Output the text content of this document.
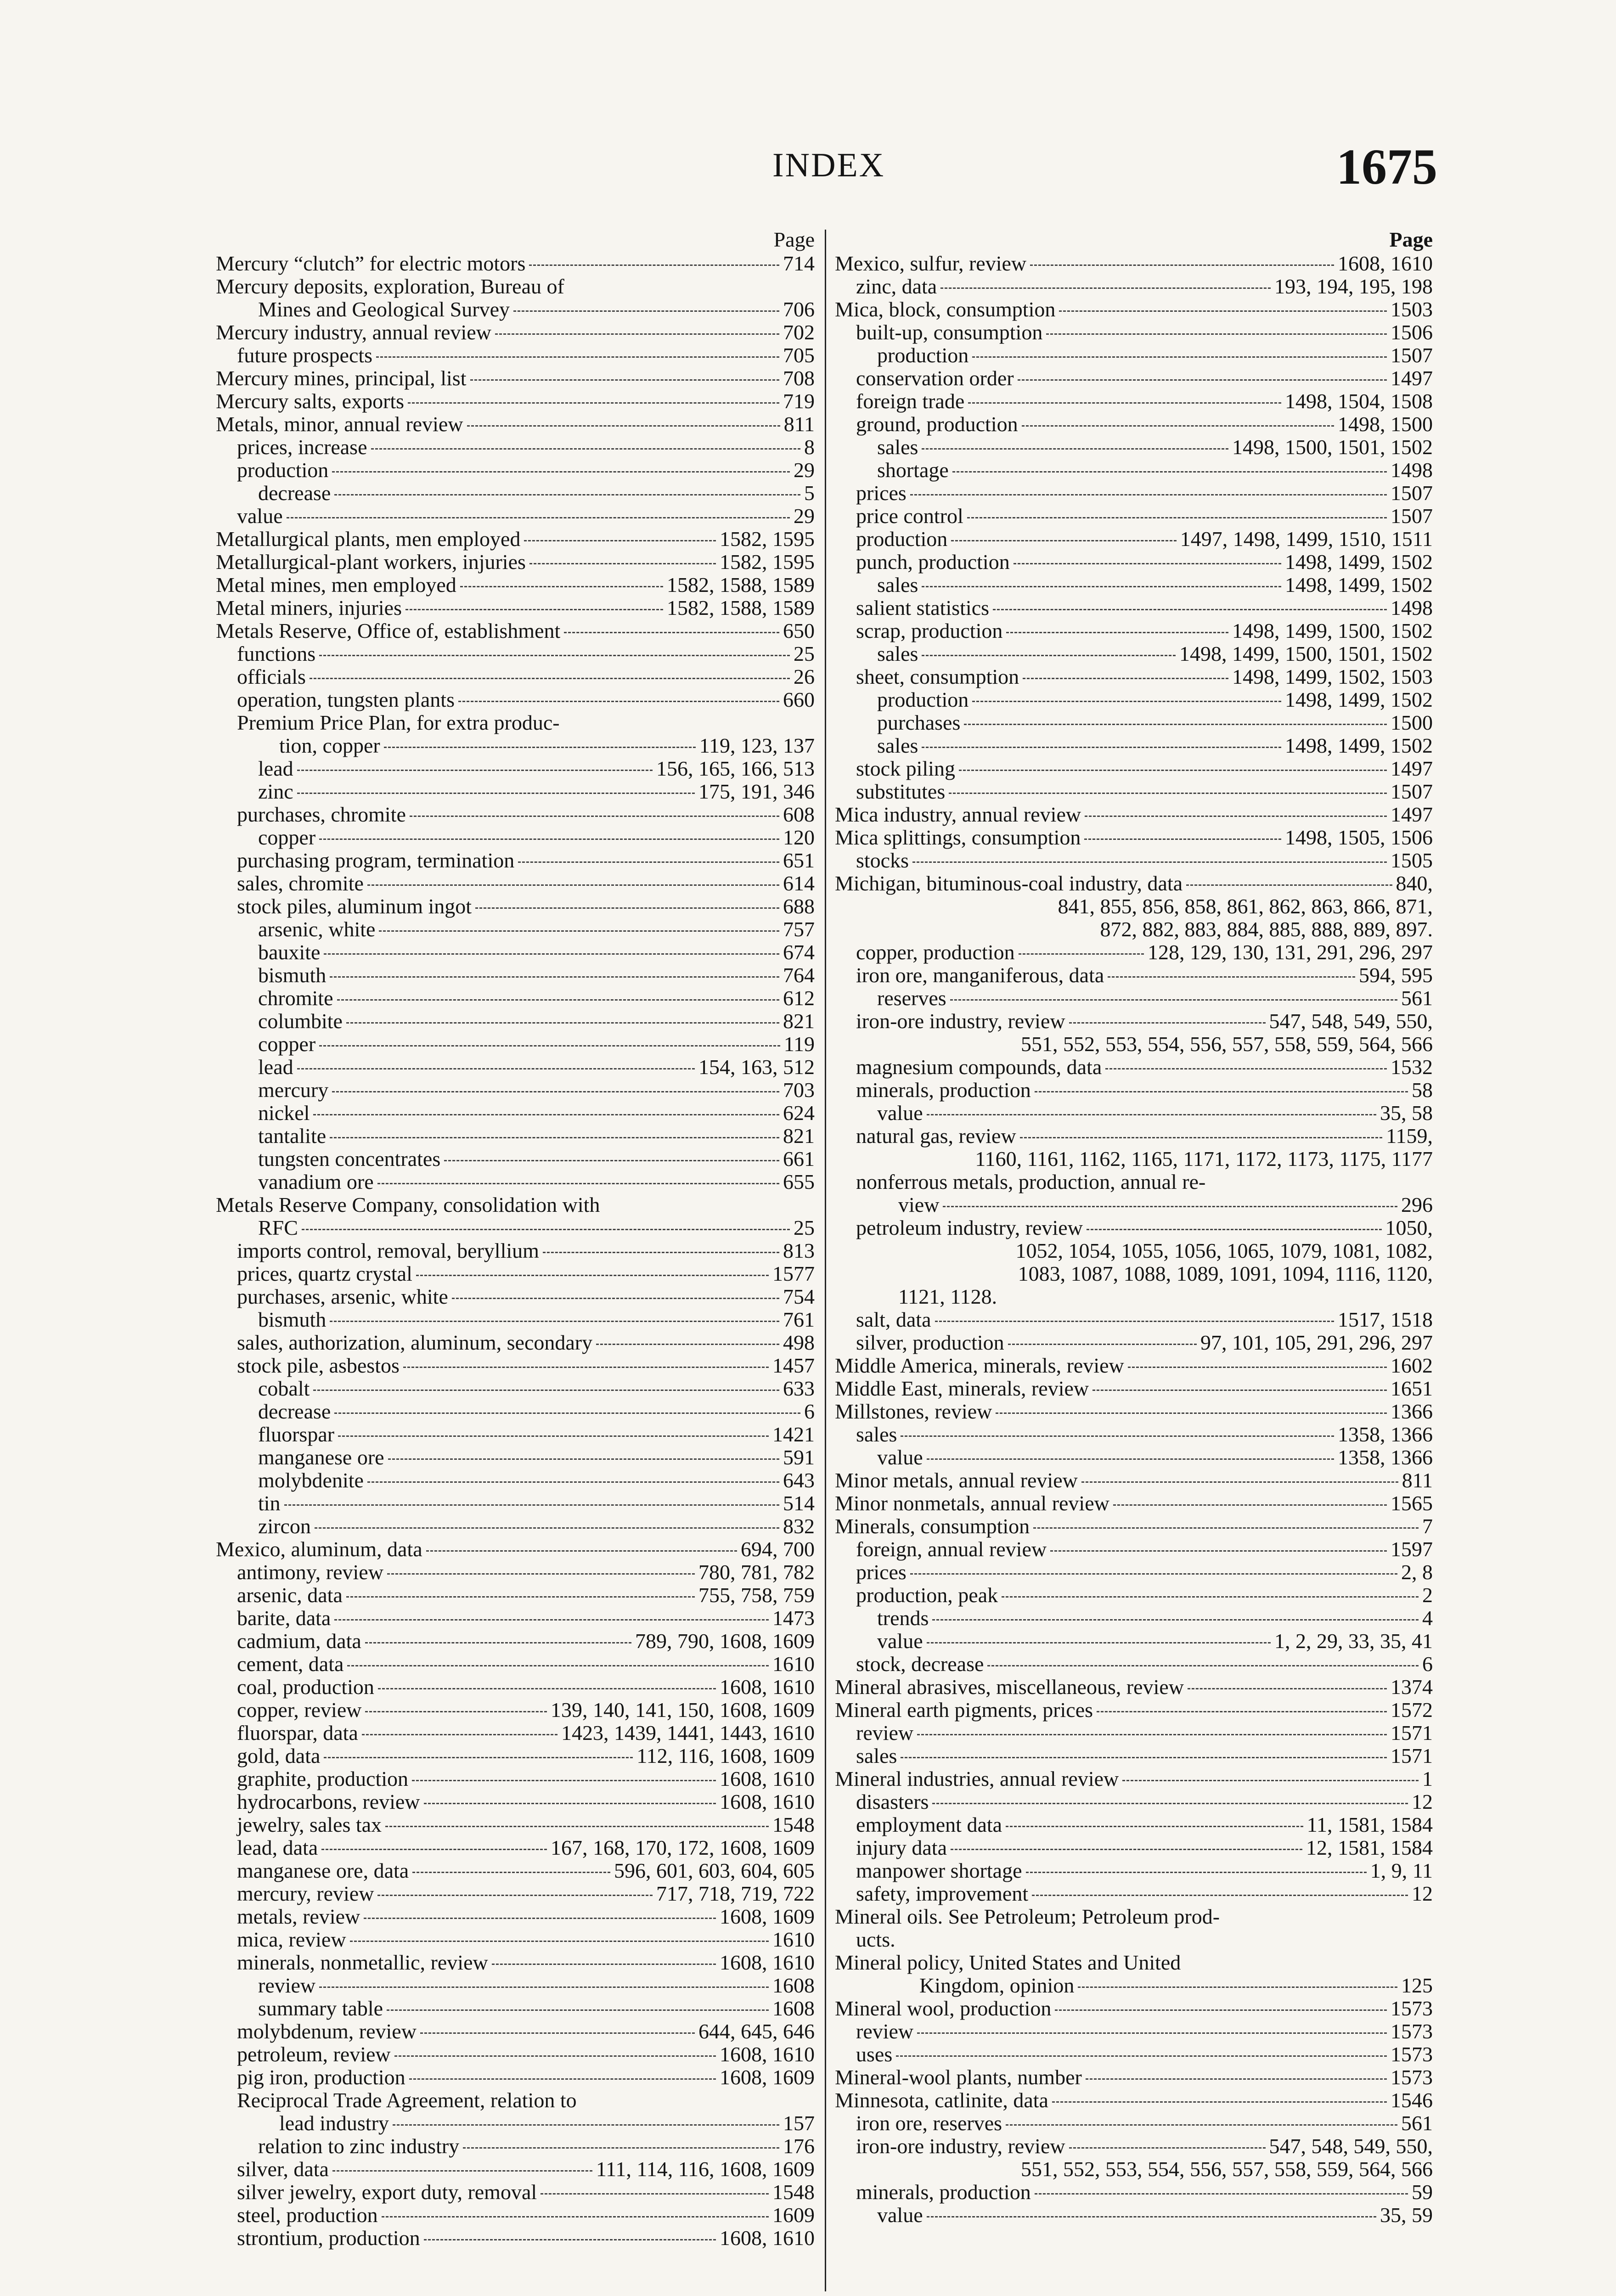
INDEX	1675
Page
Mercury “clutch” for electric motors	714
Mercury deposits, exploration, Bureau of
Mines and Geological Survey	706
Mercury industry, annual review	702
future prospects	705
Mercury mines, principal, list	708
Mercury salts, exports	719
Metals, minor, annual review	811
prices, increase	8
production	29
decrease	5
value	29
Metallurgical plants, men employed	1582, 1595
Metallurgical-plant workers, injuries	1582, 1595
Metal mines, men employed	1582, 1588, 1589
Metal miners, injuries	1582, 1588, 1589
Metals Reserve, Office of, establishment	650
functions	25
officials	26
operation, tungsten plants	660
Premium Price Plan, for extra produc-
tion, copper	119, 123, 137
lead	156, 165, 166, 513
zinc	175, 191, 346
purchases, chromite	608
copper	120
purchasing program, termination	651
sales, chromite	614
stock piles, aluminum ingot	688
arsenic, white	757
bauxite	674
bismuth	764
chromite	612
columbite	821
copper	119
lead	154, 163, 512
mercury	703
nickel	624
tantalite	821
tungsten concentrates	661
vanadium ore	655
Metals Reserve Company, consolidation with
RFC	25
imports control, removal, beryllium	813
prices, quartz crystal	1577
purchases, arsenic, white	754
bismuth	761
sales, authorization, aluminum, secondary	498
stock pile, asbestos	1457
cobalt	633
decrease	6
fluorspar	1421
manganese ore	591
molybdenite	643
tin	514
zircon	832
Mexico, aluminum, data	694, 700
antimony, review	780, 781, 782
arsenic, data	755, 758, 759
barite, data	1473
cadmium, data	789, 790, 1608, 1609
cement, data	1610
coal, production	1608, 1610
copper, review	139, 140, 141, 150, 1608, 1609
fluorspar, data	1423, 1439, 1441, 1443, 1610
gold, data	112, 116, 1608, 1609
graphite, production	1608, 1610
hydrocarbons, review	1608, 1610
jewelry, sales tax	1548
lead, data	167, 168, 170, 172, 1608, 1609
manganese ore, data	596, 601, 603, 604, 605
mercury, review	717, 718, 719, 722
metals, review	1608, 1609
mica, review	1610
minerals, nonmetallic, review	1608, 1610
review	1608
summary table	1608
molybdenum, review	644, 645, 646
petroleum, review	1608, 1610
pig iron, production	1608, 1609
Reciprocal Trade Agreement, relation to
lead industry	157
relation to zinc industry	176
silver, data	111, 114, 116, 1608, 1609
silver jewelry, export duty, removal	1548
steel, production	1609
strontium, production	1608, 1610
Page
Mexico, sulfur, review	1608, 1610
zinc, data	193, 194, 195, 198
Mica, block, consumption	1503
built-up, consumption	1506
production	1507
conservation order	1497
foreign trade	1498, 1504, 1508
ground, production	1498, 1500
sales	1498, 1500, 1501, 1502
shortage	1498
prices	1507
price control	1507
production	1497, 1498, 1499, 1510, 1511
punch, production	1498, 1499, 1502
sales	1498, 1499, 1502
salient statistics	1498
scrap, production	1498, 1499, 1500, 1502
sales	1498, 1499, 1500, 1501, 1502
sheet, consumption	1498, 1499, 1502, 1503
production	1498, 1499, 1502
purchases	1500
sales	1498, 1499, 1502
stock piling	1497
substitutes	1507
Mica industry, annual review	1497
Mica splittings, consumption	1498, 1505, 1506
stocks	1505
Michigan, bituminous-coal industry, data	840,
841, 855, 856, 858, 861, 862, 863, 866, 871,
872, 882, 883, 884, 885, 888, 889, 897.
copper, production	128, 129, 130, 131, 291, 296, 297
iron ore, manganiferous, data	594, 595
reserves	561
iron-ore industry, review	547, 548, 549, 550,
551, 552, 553, 554, 556, 557, 558, 559, 564, 566
magnesium compounds, data	1532
minerals, production	58
value	35, 58
natural gas, review	1159,
1160, 1161, 1162, 1165, 1171, 1172, 1173, 1175, 1177
nonferrous metals, production, annual re-
view	296
petroleum industry, review	1050,
1052, 1054, 1055, 1056, 1065, 1079, 1081, 1082,
1083, 1087, 1088, 1089, 1091, 1094, 1116, 1120,
1121, 1128.
salt, data	1517, 1518
silver, production	97, 101, 105, 291, 296, 297
Middle America, minerals, review	1602
Middle East, minerals, review	1651
Millstones, review	1366
sales	1358, 1366
value	1358, 1366
Minor metals, annual review	811
Minor nonmetals, annual review	1565
Minerals, consumption	7
foreign, annual review	1597
prices	2, 8
production, peak	2
trends	4
value	1, 2, 29, 33, 35, 41
stock, decrease	6
Mineral abrasives, miscellaneous, review	1374
Mineral earth pigments, prices	1572
review	1571
sales	1571
Mineral industries, annual review	1
disasters	12
employment data	11, 1581, 1584
injury data	12, 1581, 1584
manpower shortage	1, 9, 11
safety, improvement	12
Mineral oils. See Petroleum; Petroleum prod-
ucts.
Mineral policy, United States and United
Kingdom, opinion	125
Mineral wool, production	1573
review	1573
uses	1573
Mineral-wool plants, number	1573
Minnesota, catlinite, data	1546
iron ore, reserves	561
iron-ore industry, review	547, 548, 549, 550,
551, 552, 553, 554, 556, 557, 558, 559, 564, 566
minerals, production	59
value	35, 59
